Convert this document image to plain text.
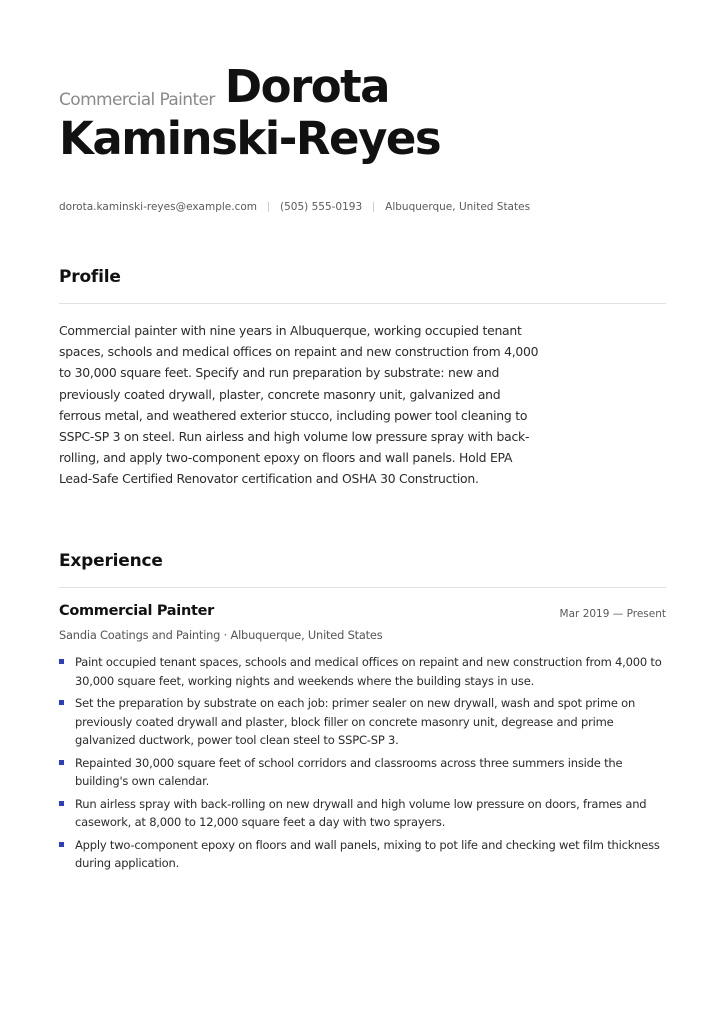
Commercial Painter Dorota
Kaminski-Reyes
dorota.kaminski-reyes@example.com (505) 555-0193 Albuquerque, United States
Profile
Commercial painter with nine years in Albuquerque, working occupied tenant spaces, schools and medical offices on repaint and new construction from 4,000 to 30,000 square feet. Specify and run preparation by substrate: new and previously coated drywall, plaster, concrete masonry unit, galvanized and ferrous metal, and weathered exterior stucco, including power tool cleaning to SSPC-SP 3 on steel. Run airless and high volume low pressure spray with back-rolling, and apply two-component epoxy on floors and wall panels. Hold EPA Lead-Safe Certified Renovator certification and OSHA 30 Construction.
Experience
Commercial Painter	Mar 2019 — Present
Sandia Coatings and Painting · Albuquerque, United States
Paint occupied tenant spaces, schools and medical offices on repaint and new construction from 4,000 to 30,000 square feet, working nights and weekends where the building stays in use.
Set the preparation by substrate on each job: primer sealer on new drywall, wash and spot prime on previously coated drywall and plaster, block filler on concrete masonry unit, degrease and prime galvanized ductwork, power tool clean steel to SSPC-SP 3.
Repainted 30,000 square feet of school corridors and classrooms across three summers inside the building's own calendar.
Run airless spray with back-rolling on new drywall and high volume low pressure on doors, frames and casework, at 8,000 to 12,000 square feet a day with two sprayers.
Apply two-component epoxy on floors and wall panels, mixing to pot life and checking wet film thickness during application.
